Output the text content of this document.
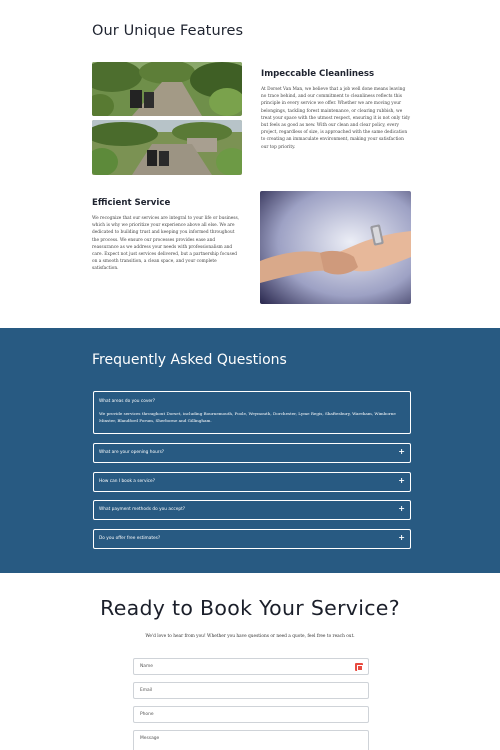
Our Unique Features
Impeccable Cleanliness

At Dorset Van Man, we believe that a job well done means leaving no trace behind, and our commitment to cleanliness reflects this principle in every service we offer. Whether we are moving your belongings, tackling forest maintenance, or clearing rubbish, we treat your space with the utmost respect, ensuring it is not only tidy but feels as good as new. With our clean and clear policy, every project, regardless of size, is approached with the same dedication to creating an immaculate environment, making your satisfaction our top priority.

Efficient Service

We recognize that our services are integral to your life or business, which is why we prioritize your experience above all else. We are dedicated to building trust and keeping you informed throughout the process. We ensure our processes provides ease and reassurance as we address your needs with professionalism and care. Expect not just services delivered, but a partnership focused on a smooth transition, a clean space, and your complete satisfaction.

Frequently Asked Questions
What areas do you cover?
We provide services throughout Dorset, including Bournemouth, Poole, Weymouth, Dorchester, Lyme Regis, Shaftesbury, Wareham, Wimborne Minster, Blandford Forum, Sherborne and Gillingham.
What are your opening hours?	+
How can I book a service?	+
What payment methods do you accept?	+
Do you offer free estimates?	+
Ready to Book Your Service?

We'd love to hear from you! Whether you have questions or need a quote, feel free to reach out.

Name
Email
Phone
Message
